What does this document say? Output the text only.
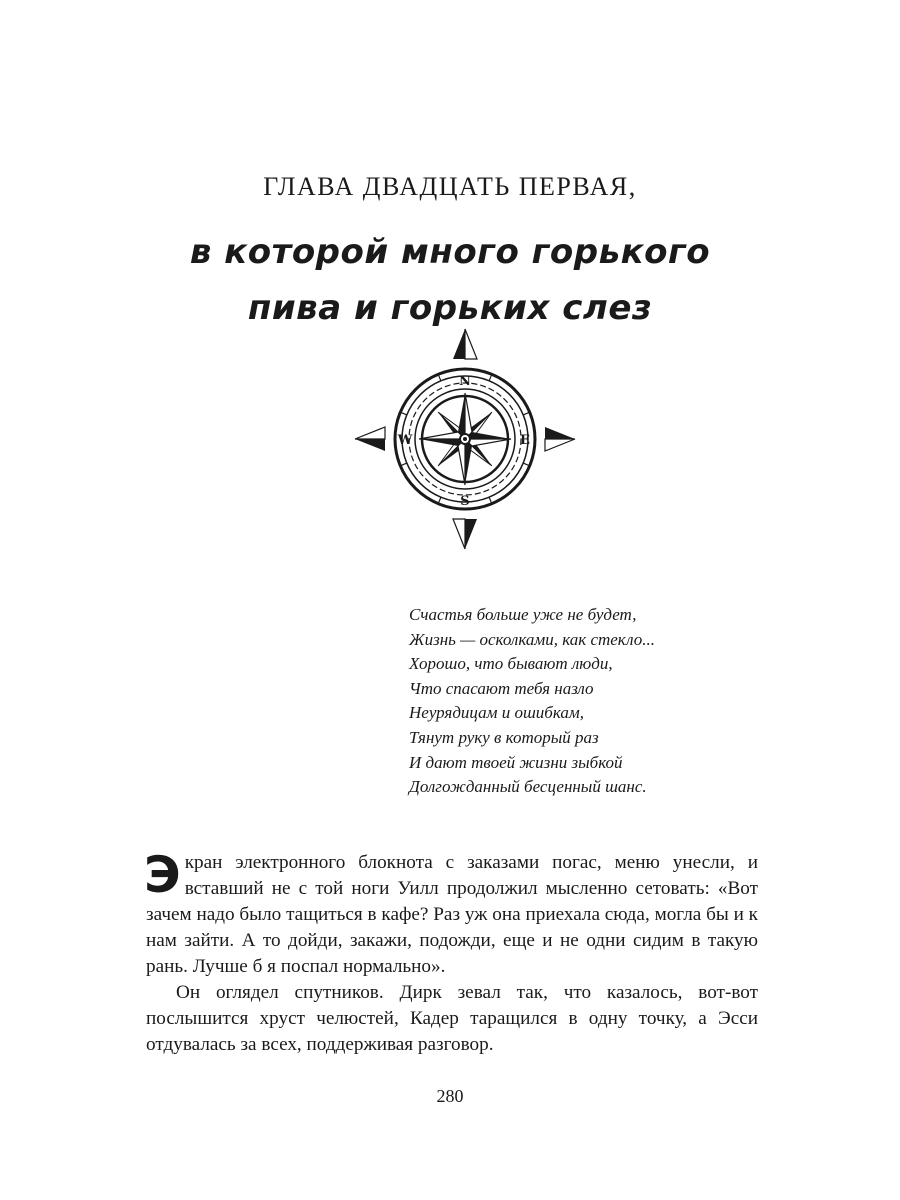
ГЛАВА ДВАДЦАТЬ ПЕРВАЯ,
в которой много горького
пива и горьких слез
N
S
E
W
Счастья больше уже не будет,
Жизнь — осколками, как стекло...
Хорошо, что бывают люди,
Что спасают тебя назло
Неурядицам и ошибкам,
Тянут руку в который раз
И дают твоей жизни зыбкой
Долгожданный бесценный шанс.

Экран электронного блокнота с заказами погас, меню унесли, и вставший не с той ноги Уилл продолжил мысленно сетовать: «Вот зачем надо было тащиться в кафе? Раз уж она приехала сюда, могла бы и к нам зайти. А то дойди, закажи, подожди, еще и не одни сидим в такую рань. Лучше б я поспал нормально».

Он оглядел спутников. Дирк зевал так, что казалось, вот-вот послышится хруст челюстей, Кадер таращился в одну точку, а Эсси отдувалась за всех, поддерживая разговор.

280
